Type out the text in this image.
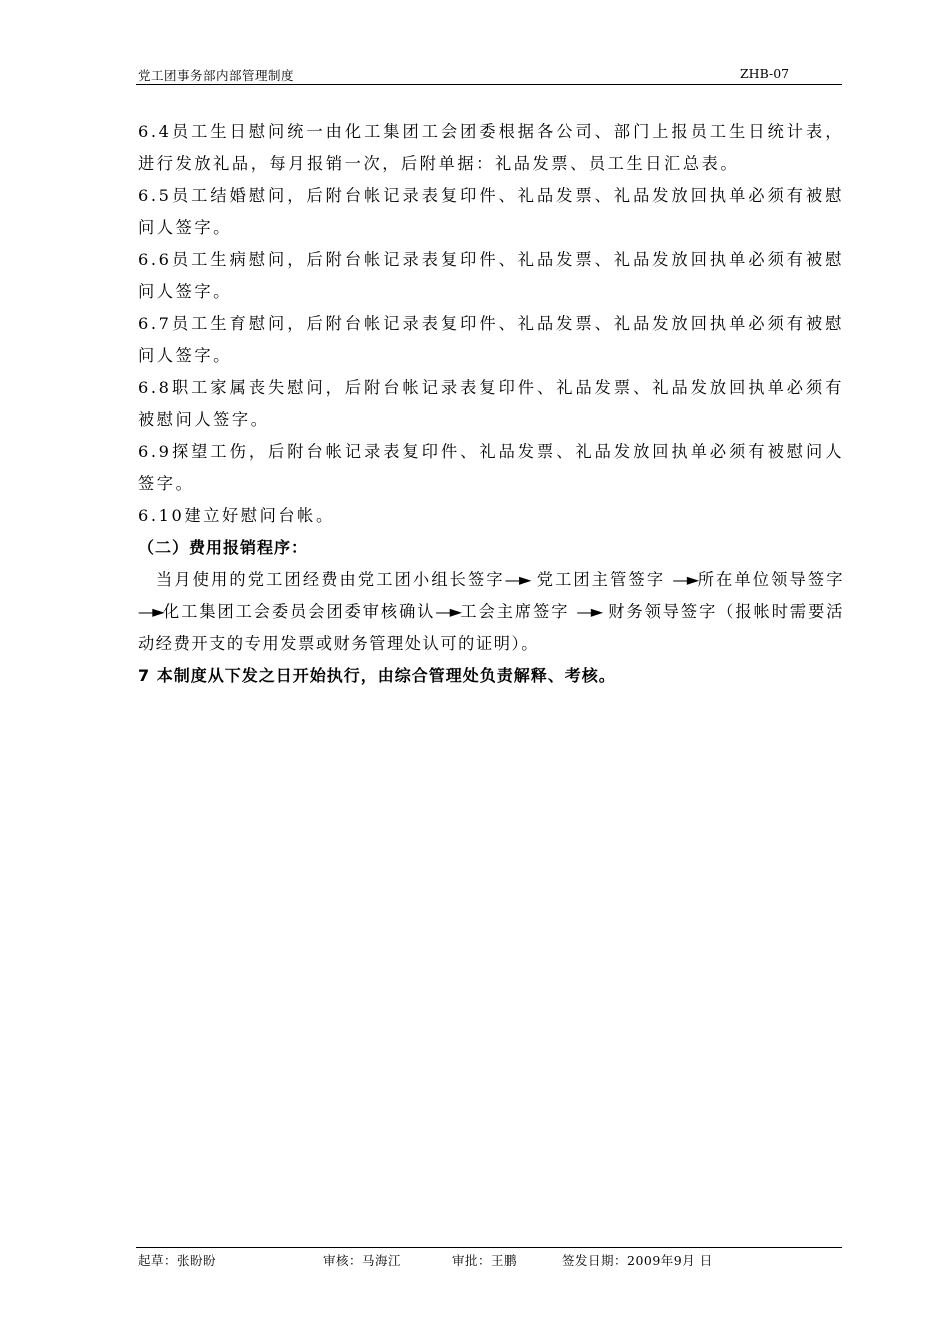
党工团事务部内部管理制度	ZHB-07

6.4员工生日慰问统一由化工集团工会团委根据各公司、部门上报员工生日统计表，进行发放礼品，每月报销一次，后附单据：礼品发票、员工生日汇总表。

6.5员工结婚慰问，后附台帐记录表复印件、礼品发票、礼品发放回执单必须有被慰问人签字。

6.6员工生病慰问，后附台帐记录表复印件、礼品发票、礼品发放回执单必须有被慰问人签字。

6.7员工生育慰问，后附台帐记录表复印件、礼品发票、礼品发放回执单必须有被慰问人签字。

6.8职工家属丧失慰问，后附台帐记录表复印件、礼品发票、礼品发放回执单必须有被慰问人签字。

6.9探望工伤，后附台帐记录表复印件、礼品发票、礼品发放回执单必须有被慰问人签字。

6.10建立好慰问台帐。

（二）费用报销程序：

当月使用的党工团经费由党工团小组长签字—► 党工团主管签字 —►所在单位领导签字 —►化工集团工会委员会团委审核确认—►工会主席签字 —► 财务领导签字（报帐时需要活动经费开支的专用发票或财务管理处认可的证明）。

7 本制度从下发之日开始执行，由综合管理处负责解释、考核。

起草：张盼盼	审核：马海江	审批：王鹏	签发日期：2009年9月 日
